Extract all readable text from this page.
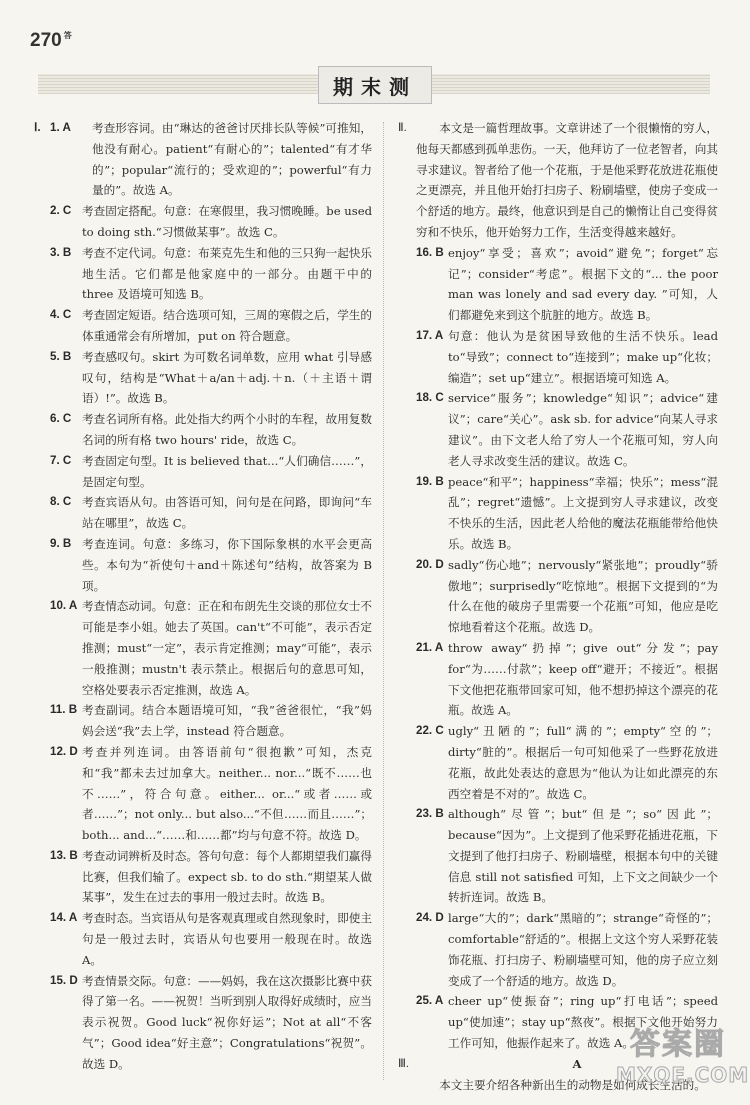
270 $^答$
期末测
Ⅰ. 1. A 考查形容词。由“琳达的爸爸讨厌排长队等候”可推知，他没有耐心。patient“有耐心的”；talented“有才华的”；popular“流行的；受欢迎的”；powerful“有力量的”。故选 A。
2. C 考查固定搭配。句意：在寒假里，我习惯晚睡。be used to doing sth.“习惯做某事”。故选 C。
3. B 考查不定代词。句意：布莱克先生和他的三只狗一起快乐地生活。它们都是他家庭中的一部分。由题干中的 three 及语境可知选 B。
4. C 考查固定短语。结合选项可知，三周的寒假之后，学生的体重通常会有所增加，put on 符合题意。
5. B 考查感叹句。skirt 为可数名词单数，应用 what 引导感叹句，结构是“What＋a/an＋adj.＋n.（＋主语＋谓语）!”。故选 B。
6. C 考查名词所有格。此处指大约两个小时的车程，故用复数名词的所有格 two hours' ride，故选 C。
7. C 考查固定句型。It is believed that...“人们确信……”，是固定句型。
8. C 考查宾语从句。由答语可知，问句是在问路，即询问“车站在哪里”，故选 C。
9. B 考查连词。句意：多练习，你下国际象棋的水平会更高些。本句为“祈使句＋and＋陈述句”结构，故答案为 B 项。
10. A 考查情态动词。句意：正在和布朗先生交谈的那位女士不可能是李小姐。她去了英国。can't“不可能”，表示否定推测；must“一定”，表示肯定推测；may“可能”，表示一般推测；mustn't 表示禁止。根据后句的意思可知，空格处要表示否定推测，故选 A。
11. B 考查副词。结合本题语境可知，“我”爸爸很忙，“我”妈妈会送“我”去上学，instead 符合题意。
12. D 考查并列连词。由答语前句“很抱歉”可知，杰克和“我”都未去过加拿大。neither... nor...“既不……也不……”，符合句意。either... or...“或者……或者……”；not only... but also...“不但……而且……”；both... and...“……和……都”均与句意不符。故选 D。
13. B 考查动词辨析及时态。答句句意：每个人都期望我们赢得比赛，但我们输了。expect sb. to do sth.“期望某人做某事”，发生在过去的事用一般过去时。故选 B。
14. A 考查时态。当宾语从句是客观真理或自然现象时，即使主句是一般过去时，宾语从句也要用一般现在时。故选 A。
15. D 考查情景交际。句意：——妈妈，我在这次摄影比赛中获得了第一名。——祝贺！当听到别人取得好成绩时，应当表示祝贺。Good luck“祝你好运”；Not at all“不客气”；Good idea“好主意”；Congratulations“祝贺”。故选 D。
Ⅱ.	本文是一篇哲理故事。文章讲述了一个很懒惰的穷人，他每天都感到孤单悲伤。一天，他拜访了一位老智者，向其寻求建议。智者给了他一个花瓶，于是他采野花放进花瓶使之更漂亮，并且他开始打扫房子、粉刷墙壁，使房子变成一个舒适的地方。最终，他意识到是自己的懒惰让自己变得贫穷和不快乐，他开始努力工作，生活变得越来越好。
16. B enjoy“享受；喜欢”；avoid“避免”；forget“忘记”；consider“考虑”。根据下文的“... the poor man was lonely and sad every day. ”可知，人们都避免来到这个肮脏的地方。故选 B。
17. A 句意：他认为是贫困导致他的生活不快乐。lead to“导致”；connect to“连接到”；make up“化妆；编造”；set up“建立”。根据语境可知选 A。
18. C service“服务”；knowledge“知识”；advice“建议”；care“关心”。ask sb. for advice“向某人寻求建议”。由下文老人给了穷人一个花瓶可知，穷人向老人寻求改变生活的建议。故选 C。
19. B peace“和平”；happiness“幸福；快乐”；mess“混乱”；regret“遗憾”。上文提到穷人寻求建议，改变不快乐的生活，因此老人给他的魔法花瓶能带给他快乐。故选 B。
20. D sadly“伤心地”；nervously“紧张地”；proudly“骄傲地”；surprisedly“吃惊地”。根据下文提到的“为什么在他的破房子里需要一个花瓶”可知，他应是吃惊地看着这个花瓶。故选 D。
21. A throw away“扔掉”；give out“分发”；pay for“为……付款”；keep off“避开；不接近”。根据下文他把花瓶带回家可知，他不想扔掉这个漂亮的花瓶。故选 A。
22. C ugly“丑陋的”；full“满的”；empty“空的”；dirty“脏的”。根据后一句可知他采了一些野花放进花瓶，故此处表达的意思为“他认为让如此漂亮的东西空着是不对的”。故选 C。
23. B although“尽管”；but“但是”；so“因此”；because“因为”。上文提到了他采野花插进花瓶，下文提到了他打扫房子、粉刷墙壁，根据本句中的关键信息 still not satisfied 可知，上下文之间缺少一个转折连词。故选 B。
24. D large“大的”；dark“黑暗的”；strange“奇怪的”；comfortable“舒适的”。根据上文这个穷人采野花装饰花瓶、打扫房子、粉刷墙壁可知，他的房子应立刻变成了一个舒适的地方。故选 D。
25. A cheer up“使振奋”；ring up“打电话”；speed up“使加速”；stay up“熬夜”。根据下文他开始努力工作可知，他振作起来了。故选 A。
Ⅲ.	A
本文主要介绍各种新出生的动物是如何成长生活的。
答案圈
MXQE.COM
